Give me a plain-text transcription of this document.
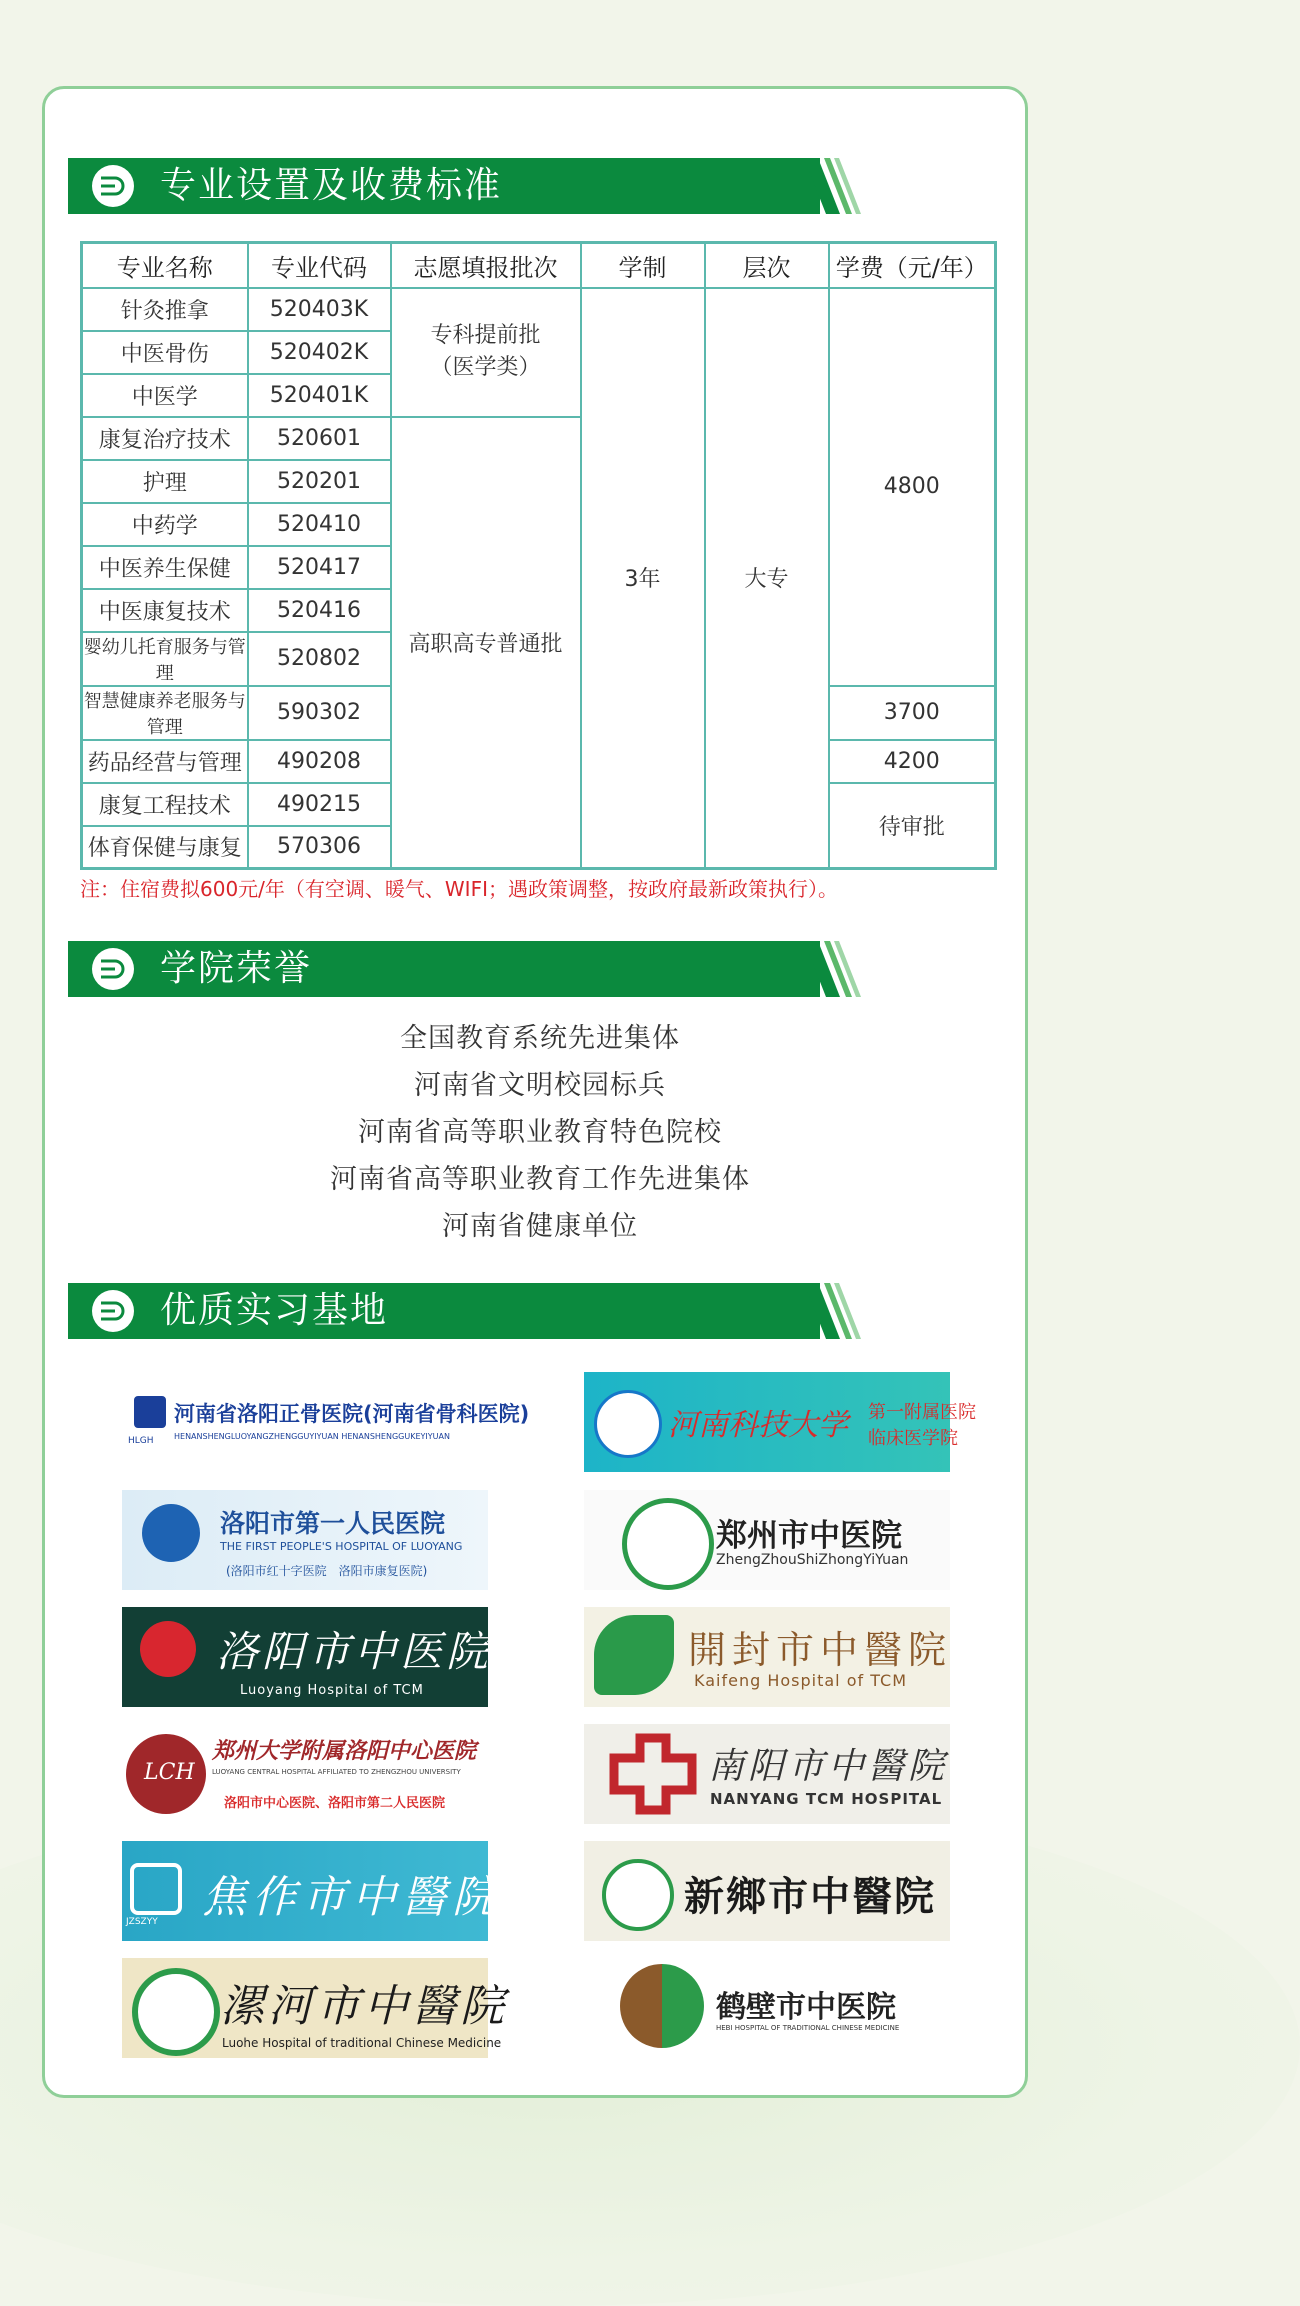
专业设置及收费标准
专业名称	专业代码	志愿填报批次	学制	层次	学费（元/年）
针灸推拿	520403K	专科提前批（医学类）	3年	大专	4800
中医骨伤	520402K				
中医学	520401K				
康复治疗技术	520601	高职高专普通批			
护理	520201				
中药学	520410				
中医养生保健	520417				
中医康复技术	520416				
婴幼儿托育服务与管理	520802				
智慧健康养老服务与管理	590302				3700
药品经营与管理	490208				4200
康复工程技术	490215				待审批
体育保健与康复	570306				
注：住宿费拟600元/年（有空调、暖气、WIFI；遇政策调整，按政府最新政策执行）。
学院荣誉
全国教育系统先进集体
河南省文明校园标兵
河南省高等职业教育特色院校
河南省高等职业教育工作先进集体
河南省健康单位
优质实习基地
HLGH
河南省洛阳正骨医院(河南省骨科医院)
HENANSHENGLUOYANGZHENGGUYIYUAN HENANSHENGGUKEYIYUAN	河南科技大学 第一附属医院
临床医学院
洛阳市第一人民医院
THE FIRST PEOPLE'S HOSPITAL OF LUOYANG
(洛阳市红十字医院　洛阳市康复医院)
郑州市中医院
ZhengZhouShiZhongYiYuan
洛阳市中医院
Luoyang Hospital of TCM
開封市中醫院
Kaifeng Hospital of TCM
LCH
郑州大学附属洛阳中心医院
LUOYANG CENTRAL HOSPITAL AFFILIATED TO ZHENGZHOU UNIVERSITY
洛阳市中心医院、洛阳市第二人民医院
南阳市中醫院
NANYANG TCM HOSPITAL
JZSZYY 焦作市中醫院	新鄉市中醫院
漯河市中醫院
Luohe Hospital of traditional Chinese Medicine
鹤壁市中医院
HEBI HOSPITAL OF TRADITIONAL CHINESE MEDICINE
